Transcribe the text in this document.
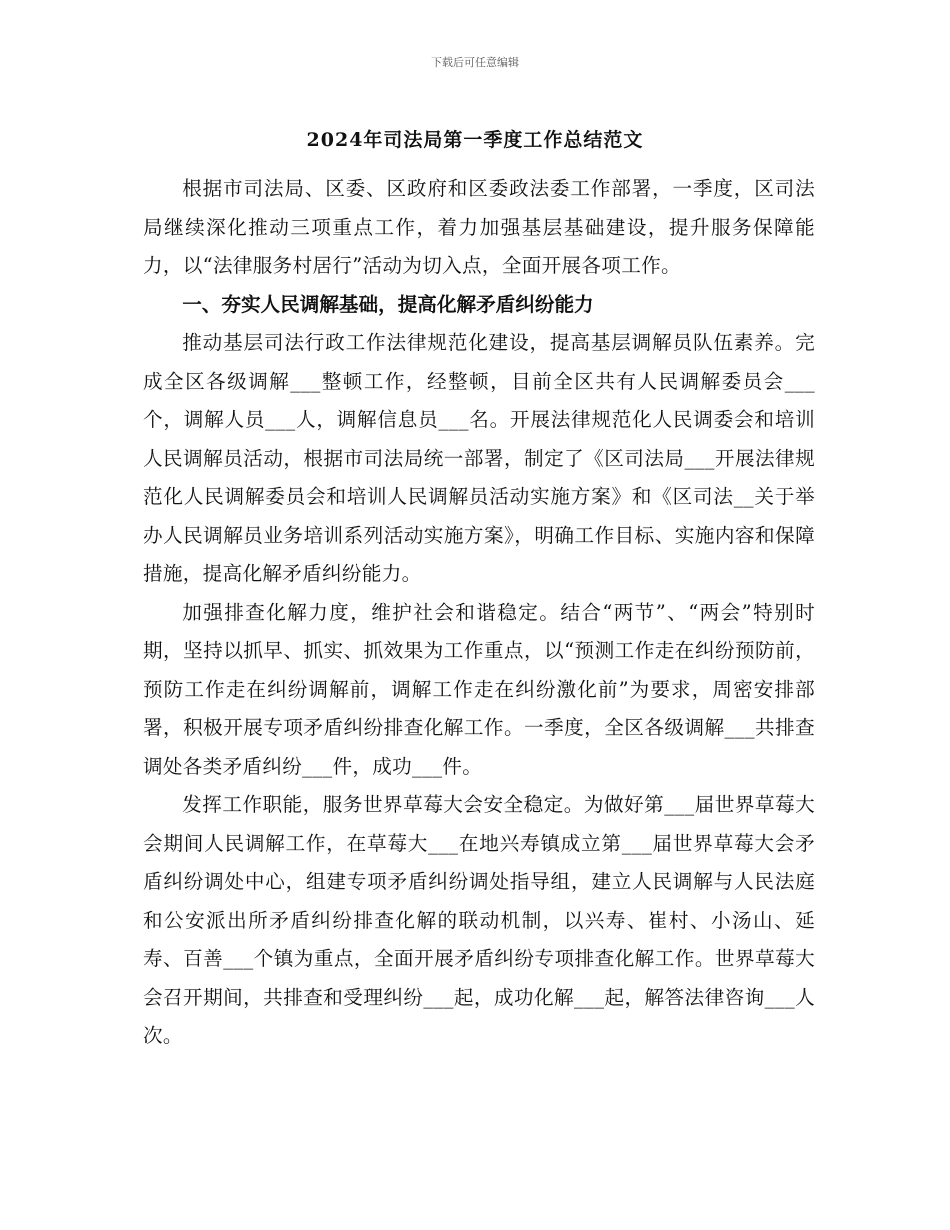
下载后可任意编辑
2024年司法局第一季度工作总结范文

根据市司法局、区委、区政府和区委政法委工作部署，一季度，区司法局继续深化推动三项重点工作，着力加强基层基础建设，提升服务保障能力，以“法律服务村居行”活动为切入点，全面开展各项工作。

一、夯实人民调解基础，提高化解矛盾纠纷能力

推动基层司法行政工作法律规范化建设，提高基层调解员队伍素养。完成全区各级调解___整顿工作，经整顿，目前全区共有人民调解委员会___个，调解人员___人，调解信息员___名。开展法律规范化人民调委会和培训人民调解员活动，根据市司法局统一部署，制定了《区司法局___开展法律规范化人民调解委员会和培训人民调解员活动实施方案》和《区司法__关于举办人民调解员业务培训系列活动实施方案》，明确工作目标、实施内容和保障措施，提高化解矛盾纠纷能力。

加强排查化解力度，维护社会和谐稳定。结合“两节”、“两会”特别时期，坚持以抓早、抓实、抓效果为工作重点，以“预测工作走在纠纷预防前，预防工作走在纠纷调解前，调解工作走在纠纷激化前”为要求，周密安排部署，积极开展专项矛盾纠纷排查化解工作。一季度，全区各级调解___共排查调处各类矛盾纠纷___件，成功___件。

发挥工作职能，服务世界草莓大会安全稳定。为做好第___届世界草莓大会期间人民调解工作，在草莓大___在地兴寿镇成立第___届世界草莓大会矛盾纠纷调处中心，组建专项矛盾纠纷调处指导组，建立人民调解与人民法庭和公安派出所矛盾纠纷排查化解的联动机制，以兴寿、崔村、小汤山、延寿、百善___个镇为重点，全面开展矛盾纠纷专项排查化解工作。世界草莓大会召开期间，共排查和受理纠纷___起，成功化解___起，解答法律咨询___人次。
